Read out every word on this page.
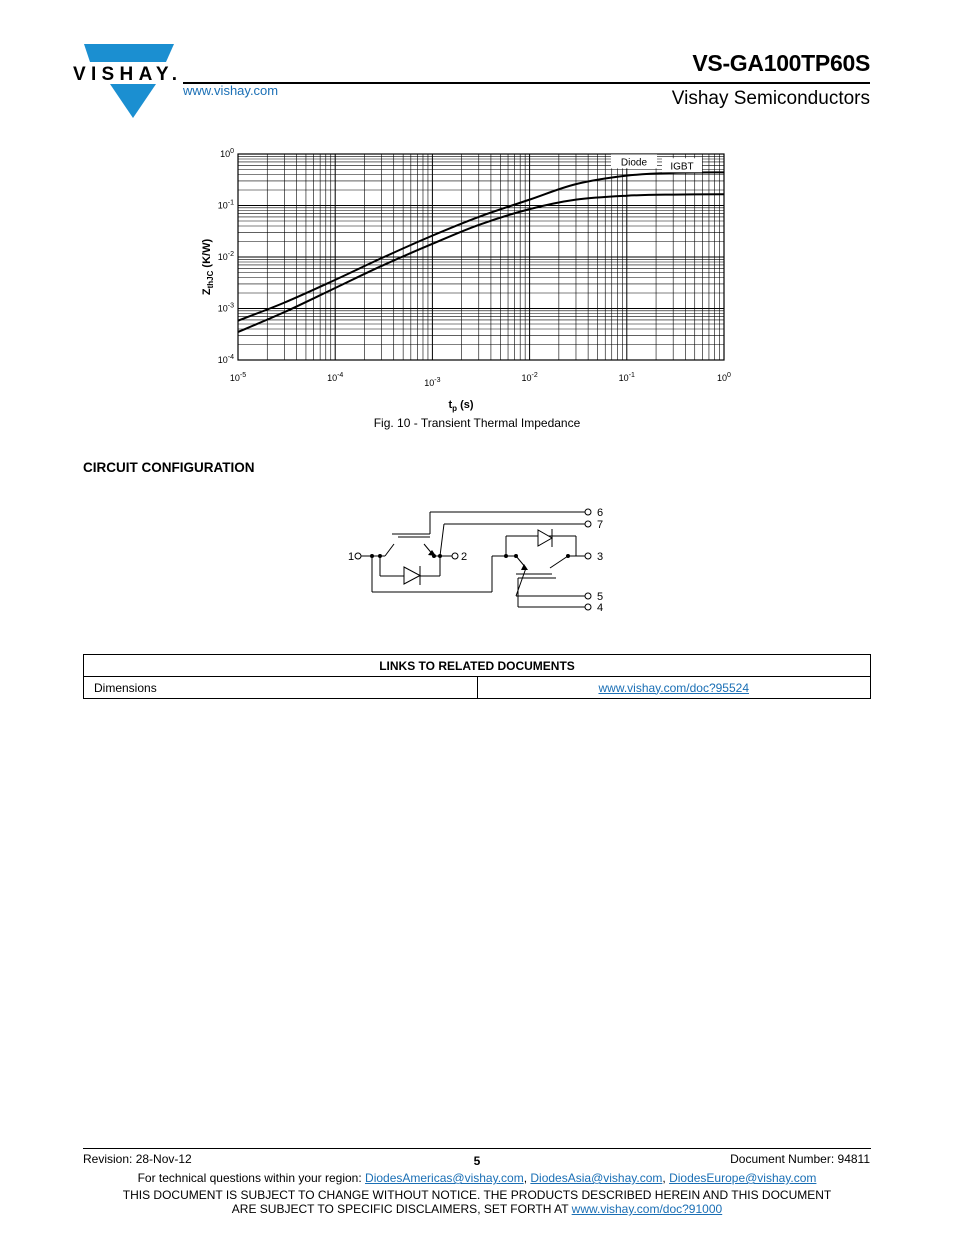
VISHAY.	VS-GA100TP60S
www.vishay.com	Vishay Semiconductors
Diode IGBT
$10^{-5}$	$10^{-4}$
$10^{-3}$	$10^{-2}$	$10^{-1}$	$10^0$
$10^0$
$10^{-1}$
$10^{-2}$
$10^{-3}$
$10^{-4}$
$t_p$ (s)
$Z_{thJC}$ (K/W)
Fig. 10 - Transient Thermal Impedance
CIRCUIT CONFIGURATION
1	2	3
4
5
6
7
LINKS TO RELATED DOCUMENTS
Dimensions	www.vishay.com/doc?95524
Revision: 28-Nov-12	5	Document Number: 94811
For technical questions within your region: DiodesAmericas@vishay.com, DiodesAsia@vishay.com, DiodesEurope@vishay.com
THIS DOCUMENT IS SUBJECT TO CHANGE WITHOUT NOTICE. THE PRODUCTS DESCRIBED HEREIN AND THIS DOCUMENT
ARE SUBJECT TO SPECIFIC DISCLAIMERS, SET FORTH AT www.vishay.com/doc?91000
